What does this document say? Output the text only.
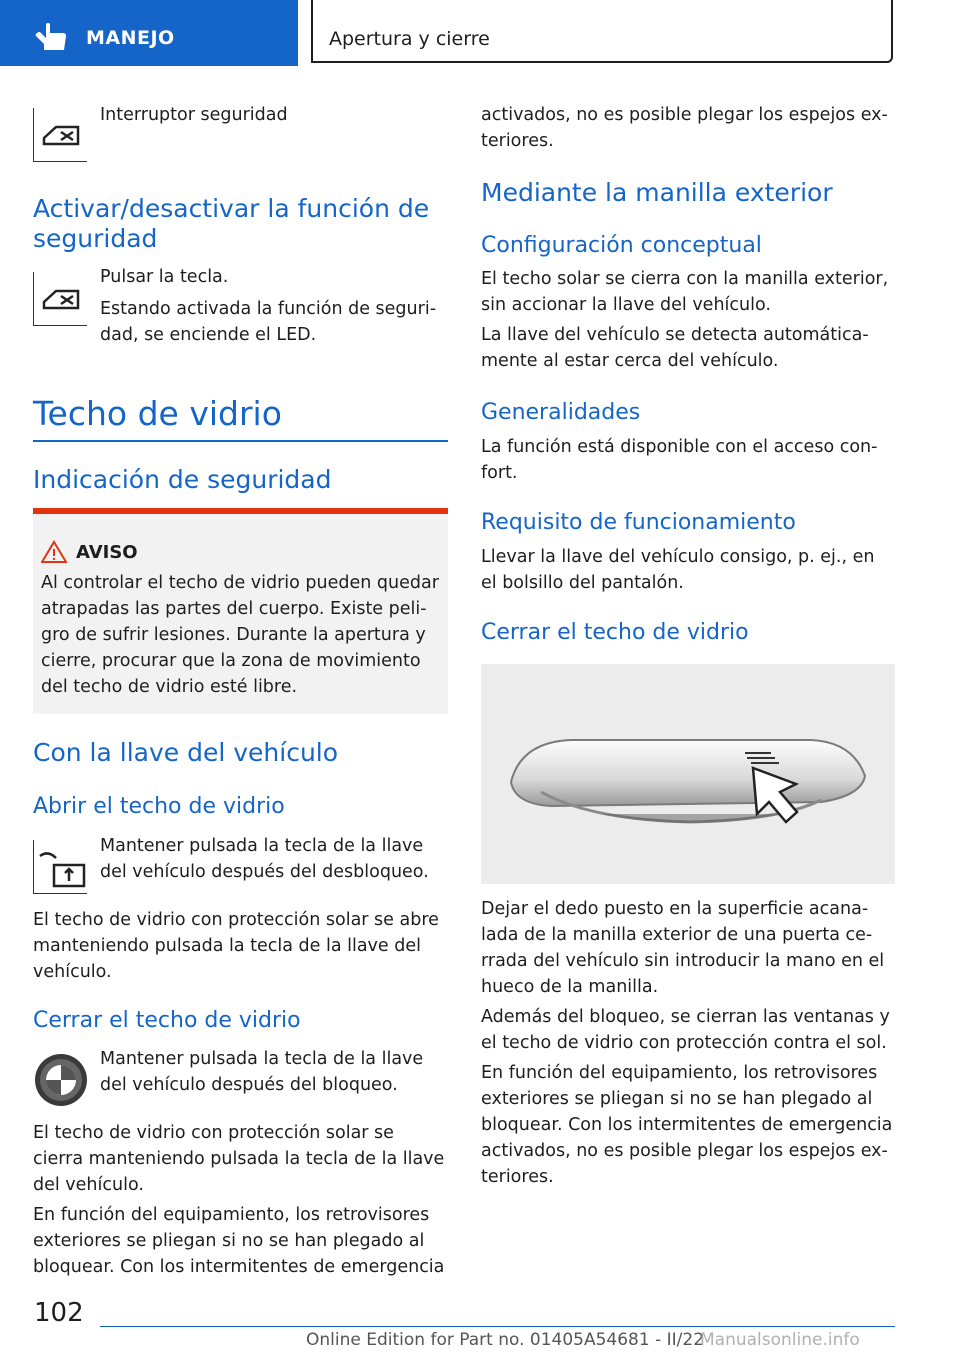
MANEJO	Apertura y cierre
Interruptor seguridad
Activar/desactivar la función de seguridad
Pulsar la tecla.
Estando activada la función de seguri-dad, se enciende el LED.
Techo de vidrio
Indicación de seguridad
AVISO
Al controlar el techo de vidrio pueden quedar atrapadas las partes del cuerpo. Existe peli-gro de sufrir lesiones. Durante la apertura y cierre, procurar que la zona de movimiento del techo de vidrio esté libre.
Con la llave del vehículo
Abrir el techo de vidrio
Mantener pulsada la tecla de la llave del vehículo después del desbloqueo.
El techo de vidrio con protección solar se abre manteniendo pulsada la tecla de la llave del vehículo.
Cerrar el techo de vidrio
Mantener pulsada la tecla de la llave del vehículo después del bloqueo.
El techo de vidrio con protección solar se cierra manteniendo pulsada la tecla de la llave del vehículo.
En función del equipamiento, los retrovisores exteriores se pliegan si no se han plegado al bloquear. Con los intermitentes de emergencia
activados, no es posible plegar los espejos ex-teriores.
Mediante la manilla exterior
Configuración conceptual
El techo solar se cierra con la manilla exterior, sin accionar la llave del vehículo.
La llave del vehículo se detecta automática-mente al estar cerca del vehículo.
Generalidades
La función está disponible con el acceso con-fort.
Requisito de funcionamiento
Llevar la llave del vehículo consigo, p. ej., en el bolsillo del pantalón.
Cerrar el techo de vidrio
Dejar el dedo puesto en la superficie acana-lada de la manilla exterior de una puerta ce-rrada del vehículo sin introducir la mano en el hueco de la manilla.
Además del bloqueo, se cierran las ventanas y el techo de vidrio con protección contra el sol.
En función del equipamiento, los retrovisores exteriores se pliegan si no se han plegado al bloquear. Con los intermitentes de emergencia activados, no es posible plegar los espejos ex-teriores.
102
Online Edition for Part no. 01405A54681 - II/22
Manualsonline.info
